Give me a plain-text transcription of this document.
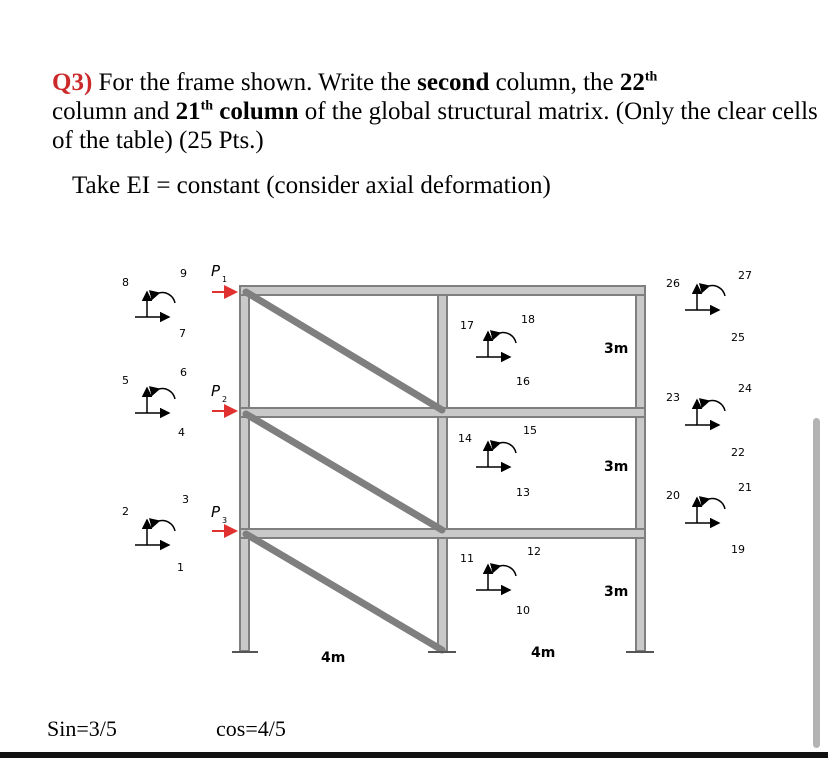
Q3) For the frame shown. Write the second column, the 22th
column and 21th column of the global structural matrix. (Only the clear cells of the table) (25 Pts.)
Take EI = constant (consider axial deformation)
P 1
P 2
P 3
4m	4m
3m
3m
3m
8
9
7
5
6
4
2
3
1
17	18
16
14
15
13
11
12
10
26
27
25
23
24
22
20
21
19
Sin=3/5	cos=4/5
